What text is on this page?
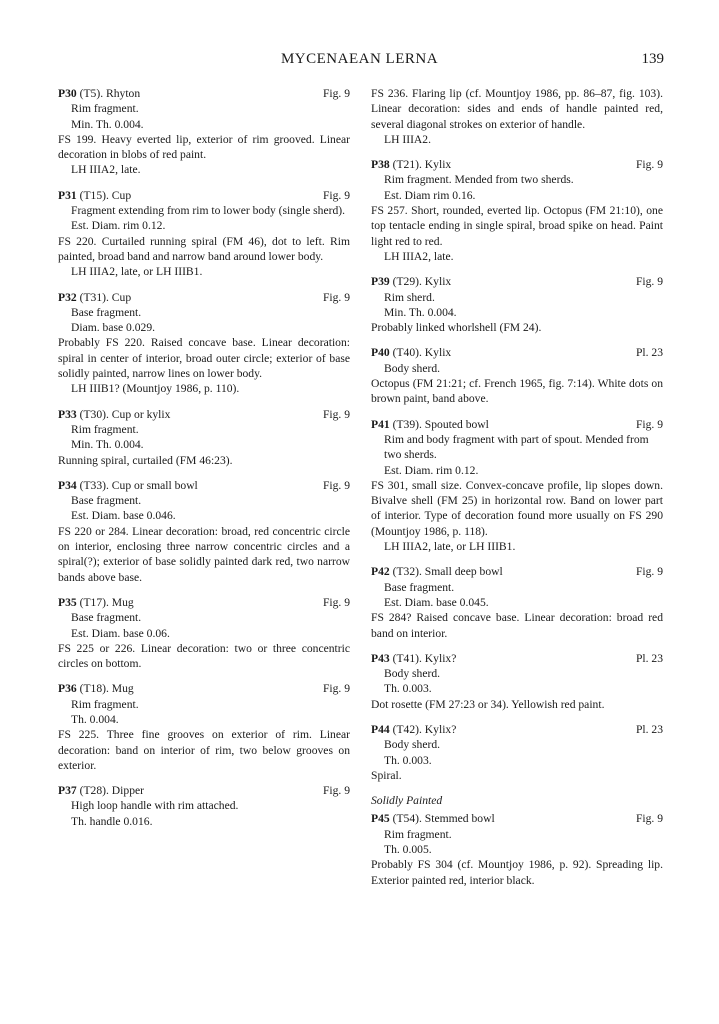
MYCENAEAN LERNA	139
P30 (T5). Rhyton	Fig. 9
Rim fragment.
Min. Th. 0.004.
FS 199. Heavy everted lip, exterior of rim grooved. Linear decoration in blobs of red paint.
LH IIIA2, late.
P31 (T15). Cup	Fig. 9
Fragment extending from rim to lower body (single sherd).
Est. Diam. rim 0.12.
FS 220. Curtailed running spiral (FM 46), dot to left. Rim painted, broad band and narrow band around lower body.
LH IIIA2, late, or LH IIIB1.
P32 (T31). Cup	Fig. 9
Base fragment.
Diam. base 0.029.
Probably FS 220. Raised concave base. Linear decoration: spiral in center of interior, broad outer circle; exterior of base solidly painted, narrow lines on lower body.
LH IIIB1? (Mountjoy 1986, p. 110).
P33 (T30). Cup or kylix	Fig. 9
Rim fragment.
Min. Th. 0.004.
Running spiral, curtailed (FM 46:23).
P34 (T33). Cup or small bowl	Fig. 9
Base fragment.
Est. Diam. base 0.046.
FS 220 or 284. Linear decoration: broad, red concentric circle on interior, enclosing three narrow concentric circles and a spiral(?); exterior of base solidly painted dark red, two narrow bands above base.
P35 (T17). Mug	Fig. 9
Base fragment.
Est. Diam. base 0.06.
FS 225 or 226. Linear decoration: two or three concentric circles on bottom.
P36 (T18). Mug	Fig. 9
Rim fragment.
Th. 0.004.
FS 225. Three fine grooves on exterior of rim. Linear decoration: band on interior of rim, two below grooves on exterior.
P37 (T28). Dipper	Fig. 9
High loop handle with rim attached.
Th. handle 0.016.
FS 236. Flaring lip (cf. Mountjoy 1986, pp. 86–87, fig. 103). Linear decoration: sides and ends of handle painted red, several diagonal strokes on exterior of handle.
LH IIIA2.
P38 (T21). Kylix	Fig. 9
Rim fragment. Mended from two sherds.
Est. Diam rim 0.16.
FS 257. Short, rounded, everted lip. Octopus (FM 21:10), one top tentacle ending in single spiral, broad spike on head. Paint light red to red.
LH IIIA2, late.
P39 (T29). Kylix	Fig. 9
Rim sherd.
Min. Th. 0.004.
Probably linked whorlshell (FM 24).
P40 (T40). Kylix	Pl. 23
Body sherd.
Octopus (FM 21:21; cf. French 1965, fig. 7:14). White dots on brown paint, band above.
P41 (T39). Spouted bowl	Fig. 9
Rim and body fragment with part of spout. Mended from two sherds.
Est. Diam. rim 0.12.
FS 301, small size. Convex-concave profile, lip slopes down. Bivalve shell (FM 25) in horizontal row. Band on lower part of interior. Type of decoration found more usually on FS 290 (Mountjoy 1986, p. 118).
LH IIIA2, late, or LH IIIB1.
P42 (T32). Small deep bowl	Fig. 9
Base fragment.
Est. Diam. base 0.045.
FS 284? Raised concave base. Linear decoration: broad red band on interior.
P43 (T41). Kylix?	Pl. 23
Body sherd.
Th. 0.003.
Dot rosette (FM 27:23 or 34). Yellowish red paint.
P44 (T42). Kylix?	Pl. 23
Body sherd.
Th. 0.003.
Spiral.
Solidly Painted
P45 (T54). Stemmed bowl	Fig. 9
Rim fragment.
Th. 0.005.
Probably FS 304 (cf. Mountjoy 1986, p. 92). Spreading lip. Exterior painted red, interior black.
